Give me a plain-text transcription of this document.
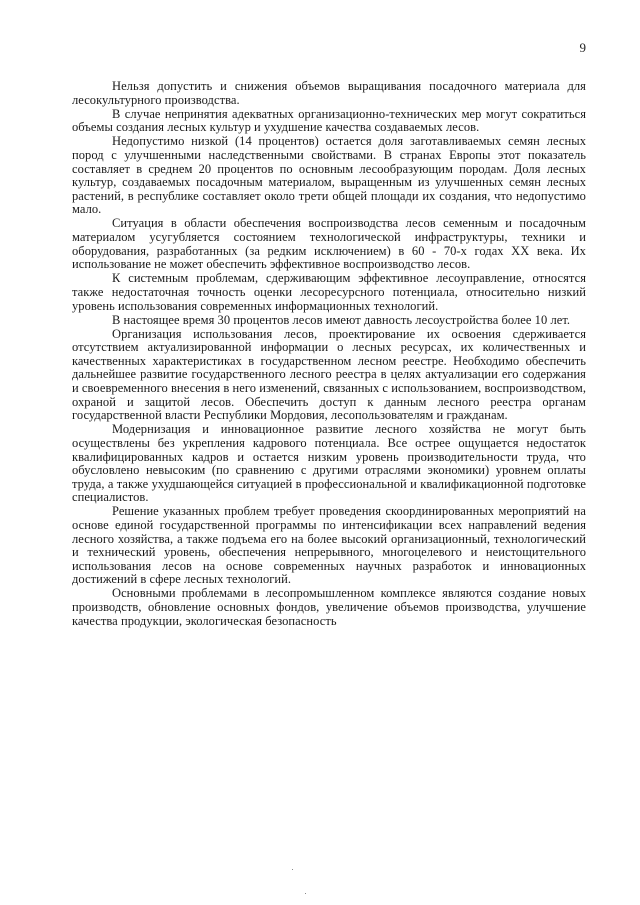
9

Нельзя допустить и снижения объемов выращивания посадочного материала для лесокультурного производства.

В случае непринятия адекватных организационно-технических мер могут сократиться объемы создания лесных культур и ухудшение качества создаваемых лесов.

Недопустимо низкой (14 процентов) остается доля заготавливаемых семян лесных пород с улучшенными наследственными свойствами. В странах Европы этот показатель составляет в среднем 20 процентов по основным лесообразующим породам. Доля лесных культур, создаваемых посадочным материалом, выращенным из улучшенных семян лесных растений, в республике составляет около трети общей площади их создания, что недопустимо мало.

Ситуация в области обеспечения воспроизводства лесов семенным и посадочным материалом усугубляется состоянием технологической инфраструктуры, техники и оборудования, разработанных (за редким исключением) в 60 - 70-х годах XX века. Их использование не может обеспечить эффективное воспроизводство лесов.

К системным проблемам, сдерживающим эффективное лесоуправление, относятся также недостаточная точность оценки лесоресурсного потенциала, относительно низкий уровень использования современных информационных технологий.

В настоящее время 30 процентов лесов имеют давность лесоустройства более 10 лет.

Организация использования лесов, проектирование их освоения сдерживается отсутствием актуализированной информации о лесных ресурсах, их количественных и качественных характеристиках в государственном лесном реестре. Необходимо обеспечить дальнейшее развитие государственного лесного реестра в целях актуализации его содержания и своевременного внесения в него изменений, связанных с использованием, воспроизводством, охраной и защитой лесов. Обеспечить доступ к данным лесного реестра органам государственной власти Республики Мордовия, лесопользователям и гражданам.

Модернизация и инновационное развитие лесного хозяйства не могут быть осуществлены без укрепления кадрового потенциала. Все острее ощущается недостаток квалифицированных кадров и остается низким уровень производительности труда, что обусловлено невысоким (по сравнению с другими отраслями экономики) уровнем оплаты труда, а также ухудшающейся ситуацией в профессиональной и квалификационной подготовке специалистов.

Решение указанных проблем требует проведения скоординированных мероприятий на основе единой государственной программы по интенсификации всех направлений ведения лесного хозяйства, а также подъема его на более высокий организационный, технологический и технический уровень, обеспечения непрерывного, многоцелевого и неистощительного использования лесов на основе современных научных разработок и инновационных достижений в сфере лесных технологий.

Основными проблемами в лесопромышленном комплексе являются создание новых производств, обновление основных фондов, увеличение объемов производства, улучшение качества продукции, экологическая безопасность
